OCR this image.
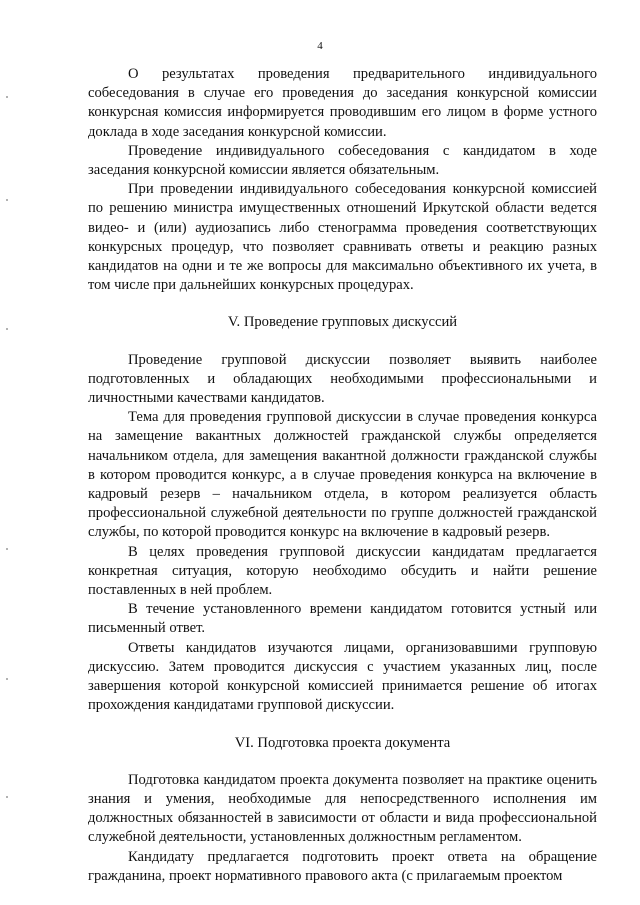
4

О результатах проведения предварительного индивидуального собеседования в случае его проведения до заседания конкурсной комиссии конкурсная комиссия информируется проводившим его лицом в форме устного доклада в ходе заседания конкурсной комиссии.

Проведение индивидуального собеседования с кандидатом в ходе заседания конкурсной комиссии является обязательным.

При проведении индивидуального собеседования конкурсной комиссией по решению министра имущественных отношений Иркутской области ведется видео- и (или) аудиозапись либо стенограмма проведения соответствующих конкурсных процедур, что позволяет сравнивать ответы и реакцию разных кандидатов на одни и те же вопросы для максимально объективного их учета, в том числе при дальнейших конкурсных процедурах.

V. Проведение групповых дискуссий

Проведение групповой дискуссии позволяет выявить наиболее подготовленных и обладающих необходимыми профессиональными и личностными качествами кандидатов.

Тема для проведения групповой дискуссии в случае проведения конкурса на замещение вакантных должностей гражданской службы определяется начальником отдела, для замещения вакантной должности гражданской службы в котором проводится конкурс, а в случае проведения конкурса на включение в кадровый резерв – начальником отдела, в котором реализуется область профессиональной служебной деятельности по группе должностей гражданской службы, по которой проводится конкурс на включение в кадровый резерв.

В целях проведения групповой дискуссии кандидатам предлагается конкретная ситуация, которую необходимо обсудить и найти решение поставленных в ней проблем.

В течение установленного времени кандидатом готовится устный или письменный ответ.

Ответы кандидатов изучаются лицами, организовавшими групповую дискуссию. Затем проводится дискуссия с участием указанных лиц, после завершения которой конкурсной комиссией принимается решение об итогах прохождения кандидатами групповой дискуссии.

VI. Подготовка проекта документа

Подготовка кандидатом проекта документа позволяет на практике оценить знания и умения, необходимые для непосредственного исполнения им должностных обязанностей в зависимости от области и вида профессиональной служебной деятельности, установленных должностным регламентом.

Кандидату предлагается подготовить проект ответа на обращение гражданина, проект нормативного правового акта (с прилагаемым проектом
